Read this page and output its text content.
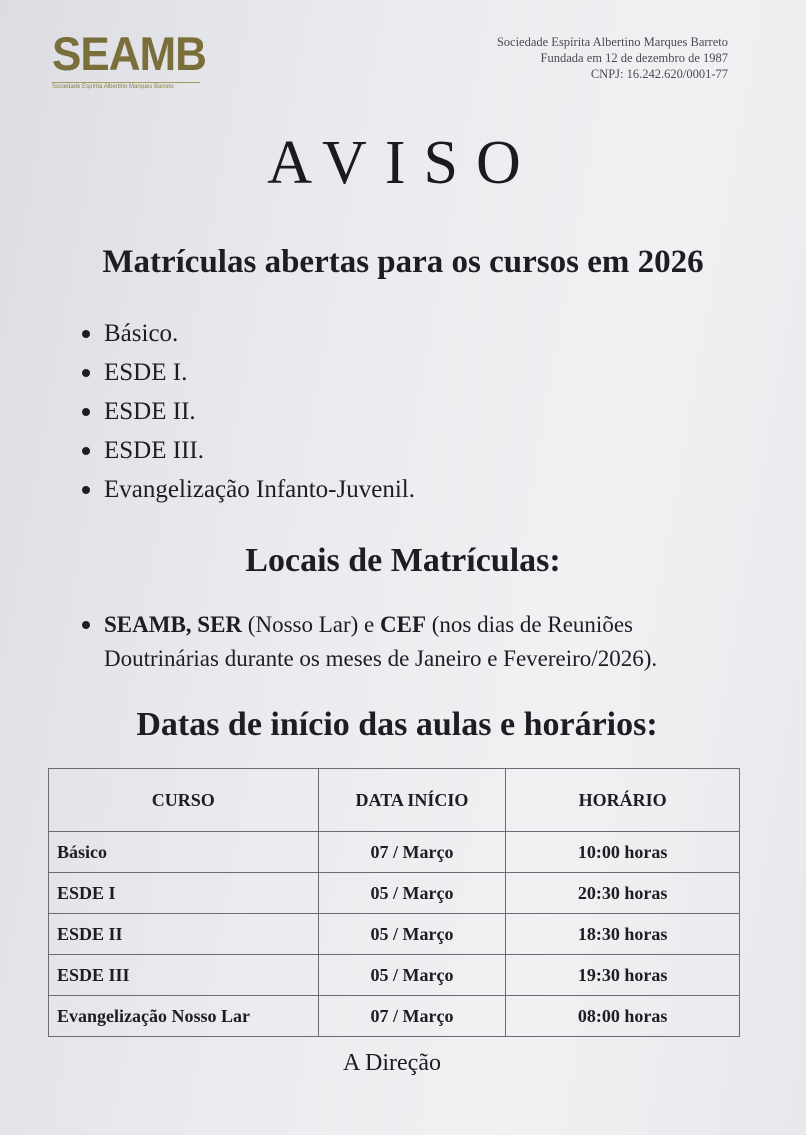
SEAMB
Sociedade Espírita Albertino Marques Barreto
Sociedade Espírita Albertino Marques Barreto
Fundada em 12 de dezembro de 1987
CNPJ: 16.242.620/0001-77
AVISO
Matrículas abertas para os cursos em 2026
Básico.
ESDE I.
ESDE II.
ESDE III.
Evangelização Infanto-Juvenil.
Locais de Matrículas:
SEAMB, SER (Nosso Lar) e CEF (nos dias de Reuniões Doutrinárias durante os meses de Janeiro e Fevereiro/2026).
Datas de início das aulas e horários:
CURSO	DATA INÍCIO	HORÁRIO
Básico	07 / Março	10:00 horas
ESDE I	05 / Março	20:30 horas
ESDE II	05 / Março	18:30 horas
ESDE III	05 / Março	19:30 horas
Evangelização Nosso Lar	07 / Março	08:00 horas
A Direção
